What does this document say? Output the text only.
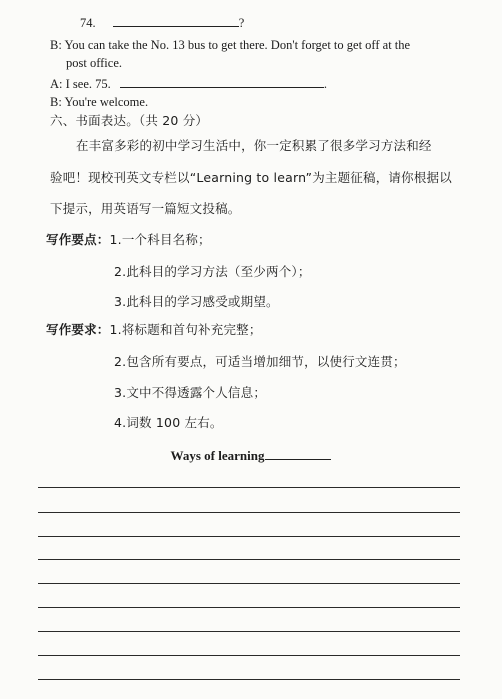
74.	?
B: You can take the No. 13 bus to get there. Don't forget to get off at the
post office.
A: I see. 75.	.
B: You're welcome.
六、书面表达。（共 20 分）
在丰富多彩的初中学习生活中，你一定积累了很多学习方法和经
验吧！现校刊英文专栏以“Learning to learn”为主题征稿，请你根据以
下提示，用英语写一篇短文投稿。
写作要点：1.一个科目名称；
2.此科目的学习方法（至少两个）；
3.此科目的学习感受或期望。
写作要求：1.将标题和首句补充完整；
2.包含所有要点，可适当增加细节，以使行文连贯；
3.文中不得透露个人信息；
4.词数 100 左右。
Ways of learning
